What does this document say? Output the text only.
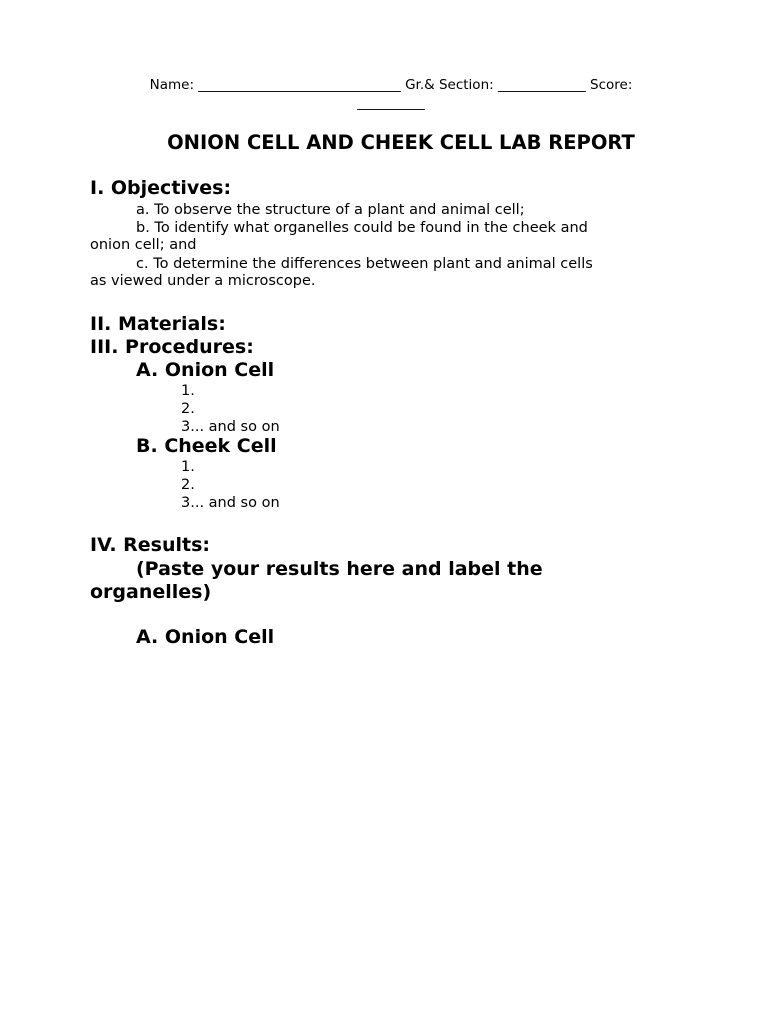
Name: ______________________________ Gr.& Section: _____________ Score:
__________
ONION CELL AND CHEEK CELL LAB REPORT
I. Objectives:
a. To observe the structure of a plant and animal cell;
b. To identify what organelles could be found in the cheek and
onion cell; and
c. To determine the differences between plant and animal cells
as viewed under a microscope.
II. Materials:
III. Procedures:
A. Onion Cell
1.
2.
3... and so on
B. Cheek Cell
1.
2.
3... and so on
IV. Results:
(Paste your results here and label the
organelles)
A. Onion Cell
